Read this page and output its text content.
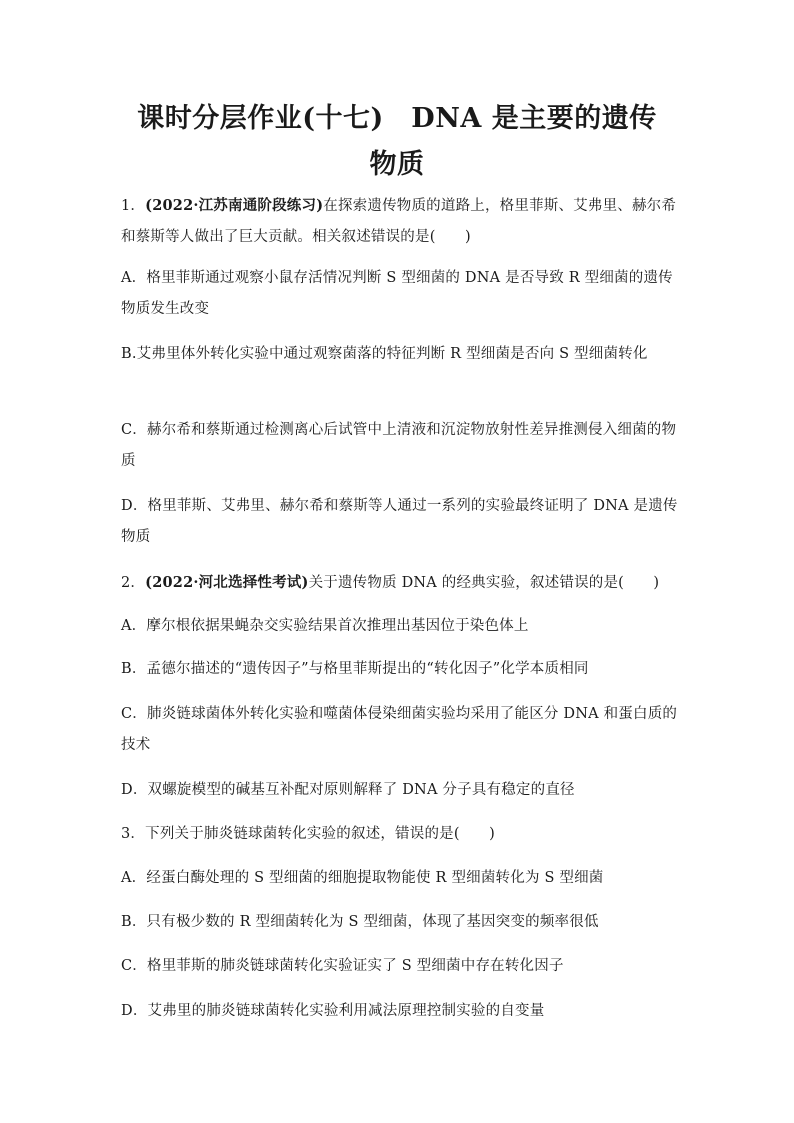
课时分层作业(十七)　DNA 是主要的遗传
物质
1．(2022·江苏南通阶段练习)在探索遗传物质的道路上，格里菲斯、艾弗里、赫尔希和蔡斯等人做出了巨大贡献。相关叙述错误的是(　　)
A．格里菲斯通过观察小鼠存活情况判断 S 型细菌的 DNA 是否导致 R 型细菌的遗传物质发生改变
B.艾弗里体外转化实验中通过观察菌落的特征判断 R 型细菌是否向 S 型细菌转化
C．赫尔希和蔡斯通过检测离心后试管中上清液和沉淀物放射性差异推测侵入细菌的物质
D．格里菲斯、艾弗里、赫尔希和蔡斯等人通过一系列的实验最终证明了 DNA 是遗传物质
2．(2022·河北选择性考试)关于遗传物质 DNA 的经典实验，叙述错误的是(　　)
A．摩尔根依据果蝇杂交实验结果首次推理出基因位于染色体上
B．孟德尔描述的“遗传因子”与格里菲斯提出的“转化因子”化学本质相同
C．肺炎链球菌体外转化实验和噬菌体侵染细菌实验均采用了能区分 DNA 和蛋白质的技术
D．双螺旋模型的碱基互补配对原则解释了 DNA 分子具有稳定的直径
3．下列关于肺炎链球菌转化实验的叙述，错误的是(　　)
A．经蛋白酶处理的 S 型细菌的细胞提取物能使 R 型细菌转化为 S 型细菌
B．只有极少数的 R 型细菌转化为 S 型细菌，体现了基因突变的频率很低
C．格里菲斯的肺炎链球菌转化实验证实了 S 型细菌中存在转化因子
D．艾弗里的肺炎链球菌转化实验利用减法原理控制实验的自变量
